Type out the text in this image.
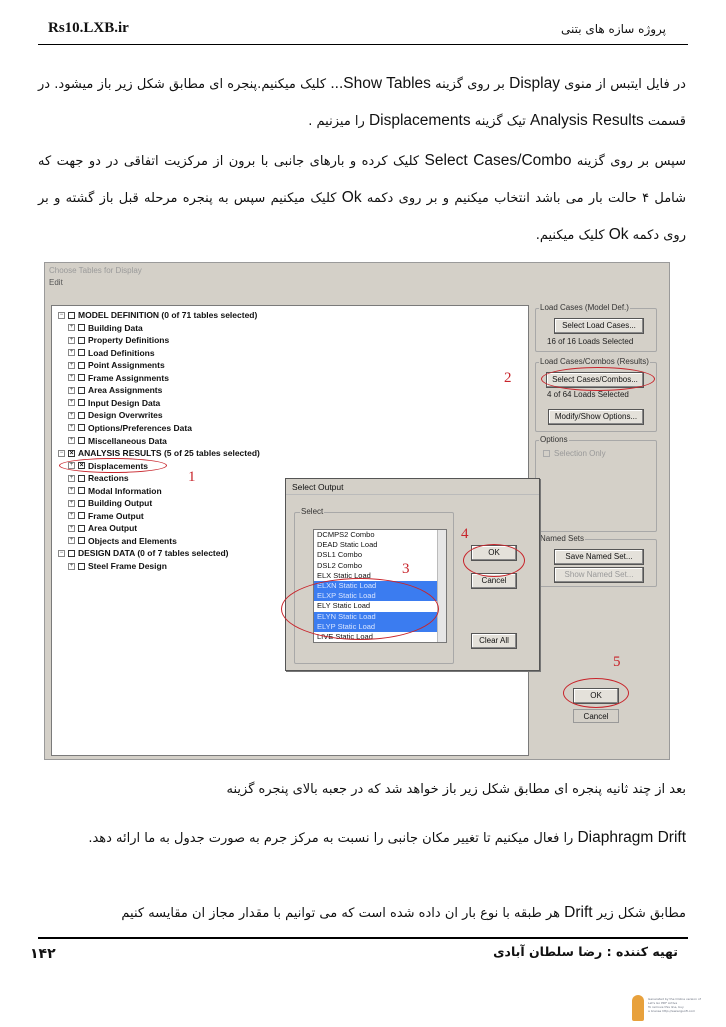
Rs10.LXB.ir	پروژه سازه های بتنی
در فایل ایتبس از منوی Display بر روی گزینه ...Show Tables کلیک میکنیم.پنجره ای مطابق شکل زیر باز میشود. در قسمت Analysis Results تیک گزینه Displacements را میزنیم .
سپس بر روی گزینه Select Cases/Combo کلیک کرده و بارهای جانبی با برون از مرکزیت اتفاقی در دو جهت که شامل ۴ حالت بار می باشد انتخاب میکنیم و بر روی دکمه Ok کلیک میکنیم سپس به پنجره مرحله قبل باز گشته و بر روی دکمه Ok کلیک میکنیم.
Choose Tables for Display
Edit
− MODEL DEFINITION (0 of 71 tables selected)
+ Building Data
+ Property Definitions
+ Load Definitions
+ Point Assignments
+ Frame Assignments
+ Area Assignments
+ Input Design Data
+ Design Overwrites
+ Options/Preferences Data
+ Miscellaneous Data
− × ANALYSIS RESULTS (5 of 25 tables selected)
+ × Displacements
+ Reactions
+ Modal Information
+ Building Output
+ Frame Output
+ Area Output
+ Objects and Elements
− DESIGN DATA (0 of 7 tables selected)
+ Steel Frame Design
Load Cases (Model Def.)
Select Load Cases...
16 of 16 Loads Selected
Load Cases/Combos (Results)
Select Cases/Combos...
4 of 64 Loads Selected
Modify/Show Options...
Options
Selection Only
Named Sets
Save Named Set...
Show Named Set...
OK
Cancel
Select Output
Select
DCMPS2 Combo
DEAD Static Load
DSL1 Combo
DSL2 Combo
ELX Static Load
ELXN Static Load
ELXP Static Load
ELY Static Load
ELYN Static Load
ELYP Static Load
LIVE Static Load
OK
Cancel
Clear All
1
2
3
4
5
بعد از چند ثانیه پنجره ای مطابق شکل زیر باز خواهد شد که در جعبه بالای پنجره گزینه
Diaphragm Drift را فعال میکنیم تا تغییر مکان جانبی را نسبت به مرکز جرم به صورت جدول به ما ارائه دهد.
مطابق شکل زیر Drift هر طبقه با نوع بار ان داده شده است که می توانیم با مقدار مجاز ان مقایسه کنیم
۱۴۲	تهیه کننده : رضا سلطان آبادی
Generated by the Online version of
Let's Go PDF Active
To remove this line, buy
a license http://www.lgsoft.com
